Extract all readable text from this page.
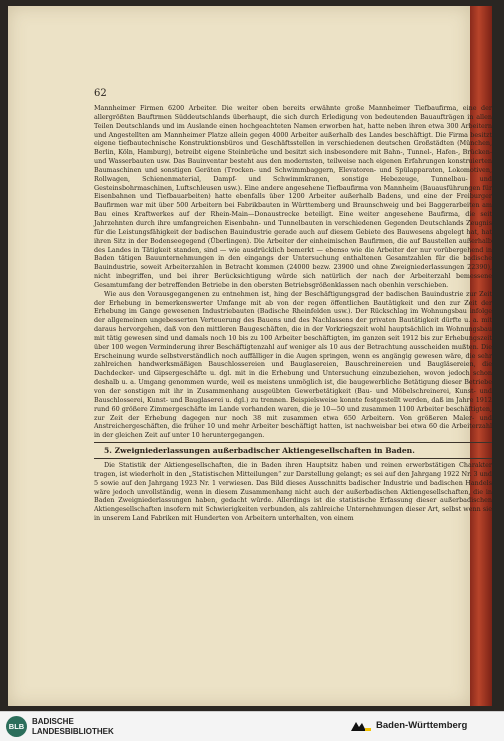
62

Mannheimer Firmen 6200 Arbeiter. Die weiter oben bereits erwähnte große Mannheimer Tiefbaufirma, eine der allergrößten Bauftrmen Süddeutschlands überhaupt, die sich durch Erledigung von bedeutenden Bauaufträgen in allen Teilen Deutschlands und im Auslande einen hochgeachteten Namen erworben hat, hatte neben ihren etwa 300 Arbeitern und Angestellten am Mannheimer Platze allein gegen 4000 Arbeiter außerhalb des Landes beschäftigt. Die Firma besitzt eigene tiefbautechnische Konstruktionsbüros und Geschäftsstellen in verschiedenen deutschen Großstädten (München, Berlin, Köln, Hamburg), betreibt eigene Steinbrüche und besitzt sich insbesondere mit Bahn-, Tunnel-, Hafen-, Brücken- und Wasserbauten usw. Das Bauinventar besteht aus den modernsten, teilweise nach eigenen Erfahrungen konstruierten Baumaschinen und sonstigen Geräten (Trocken- und Schwimmbaggern, Elevatoren- und Spülapparaten, Lokomotiven, Rollwagen, Schienenmaterial, Dampf- und Schwimmkranen, sonstige Hebezeuge, Tunnelbau- und Gesteinsbohrmaschinen, Luftschleusen usw.). Eine andere angesehene Tiefbaufirma von Mannheim (Bauausführungen für Eisenbahnen und Tiefbauarbeiten) hatte ebenfalls über 1200 Arbeiter außerhalb Badens, und eine der Freiburger Baufirmen war mit über 500 Arbeitern bei Fabrikbauten in Württemberg und Braunschweig und bei Baggerarbeiten am Bau eines Kraftwerkes auf der Rhein-Main—Donaustrecke beteiligt. Eine weiter angesehene Baufirma, die seit Jahrzehnten durch ihre umfangreichen Eisenbahn- und Tunnelbauten in verschiedenen Gegenden Deutschlands Zeugnis für die Leistungsfähigkeit der badischen Bauindustrie gerade auch auf diesem Gebiete des Bauwesens abgelegt hat, hat ihren Sitz in der Bodenseegegend (Überlingen). Die Arbeiter der einheimischen Baufirmen, die auf Baustellen außerhalb des Landes in Tätigkeit standen, sind — wie ausdrücklich bemerkt — ebenso wie die Arbeiter der nur vorübergehend in Baden tätigen Bauunternehmungen in den eingangs der Untersuchung enthaltenen Gesamtzahlen für die badische Bauindustrie, soweit Arbeiterzahlen in Betracht kommen (24000 bezw. 23900 und ohne Zweigniederlassungen 22390), nicht inbegriffen, und bei ihrer Berücksichtigung würde sich natürlich der nach der Arbeiterzahl bemessene Gesamtumfang der betreffenden Betriebe in den obersten Betriebsgrößenklassen nach obenhin verschieben.

Wie aus den Vorausgegangenen zu entnehmen ist, hing der Beschäftigungsgrad der badischen Bauindustrie zur Zeit der Erhebung in bemerkenswerter Umfange mit ab von der regen öffentlichen Bautätigkeit und den zur Zeit der Erhebung im Gange gewesenen Industriebauten (Badische Rheinfelden usw.). Der Rückschlag im Wohnungsbau infolge der allgemeinen ungebesserten Verteuerung des Bauens und des Nachlassens der privaten Bautätigkeit dürfte u. a. mit daraus hervorgehen, daß von den mittleren Baugeschäften, die in der Vorkriegszeit wohl hauptsächlich im Wohnungsbau mit tätig gewesen sind und damals noch 10 bis zu 100 Arbeiter beschäftigten, im ganzen seit 1912 bis zur Erhebungszeit über 100 wegen Verminderung ihrer Beschäftigtenzahl auf weniger als 10 aus der Betrachtung ausscheiden mußten. Die Erscheinung wurde selbstverständlich noch auffälliger in die Augen springen, wenn es angängig gewesen wäre, die sehr zahlreichen handwerksmäßigen Bauschlossereien und Bauglasereien, Bauschreinereien und Baugläsereien, die Dachdecker- und Gipsergeschäfte u. dgl. mit in die Erhebung und Untersuchung einzubeziehen, wovon jedoch schon deshalb u. a. Umgang genommen wurde, weil es meistens unmöglich ist, die baugewerbliche Betätigung dieser Betriebe von der sonstigen mit ihr in Zusammenhang ausgeübten Gewerbetätigkeit (Bau- und Möbelschreinerei, Kunst- und Bauschlosserei, Kunst- und Bauglaserei u. dgl.) zu trennen. Beispielsweise konnte festgestellt werden, daß im Jahre 1912 rund 60 größere Zimmergeschäfte im Lande vorhanden waren, die je 10—50 und zusammen 1100 Arbeiter beschäftigten, zur Zeit der Erhebung dagegen nur noch 38 mit zusammen etwa 650 Arbeitern. Von größeren Maler- und Anstreichergeschäften, die früher 10 und mehr Arbeiter beschäftigt hatten, ist nachweisbar bei etwa 60 die Arbeiterzahl in der gleichen Zeit auf unter 10 heruntergegangen.

5. Zweigniederlassungen außerbadischer Aktiengesellschaften in Baden.

Die Statistik der Aktiengesellschaften, die in Baden ihren Hauptsitz haben und reinen erwerbstätigen Charakter tragen, ist wiederholt in den „Statistischen Mitteilungen“ zur Darstellung gelangt; es sei auf den Jahrgang 1922 Nr. 3 und 5 sowie auf den Jahrgang 1923 Nr. 1 verwiesen. Das Bild dieses Ausschnitts badischer Industrie und badischen Handels wäre jedoch unvollständig, wenn in diesem Zusammenhang nicht auch der außerbadischen Aktiengesellschaften, die in Baden Zweigniederlassungen haben, gedacht würde. Allerdings ist die statistische Erfassung dieser außerbadischen Aktiengesellschaften insofern mit Schwierigkeiten verbunden, als zahlreiche Unternehmungen dieser Art, selbst wenn sie in unserem Land Fabriken mit Hunderten von Arbeitern unterhalten, von einem

BLB
BADISCHE
LANDESBIBLIOTHEK
Baden-Württemberg
